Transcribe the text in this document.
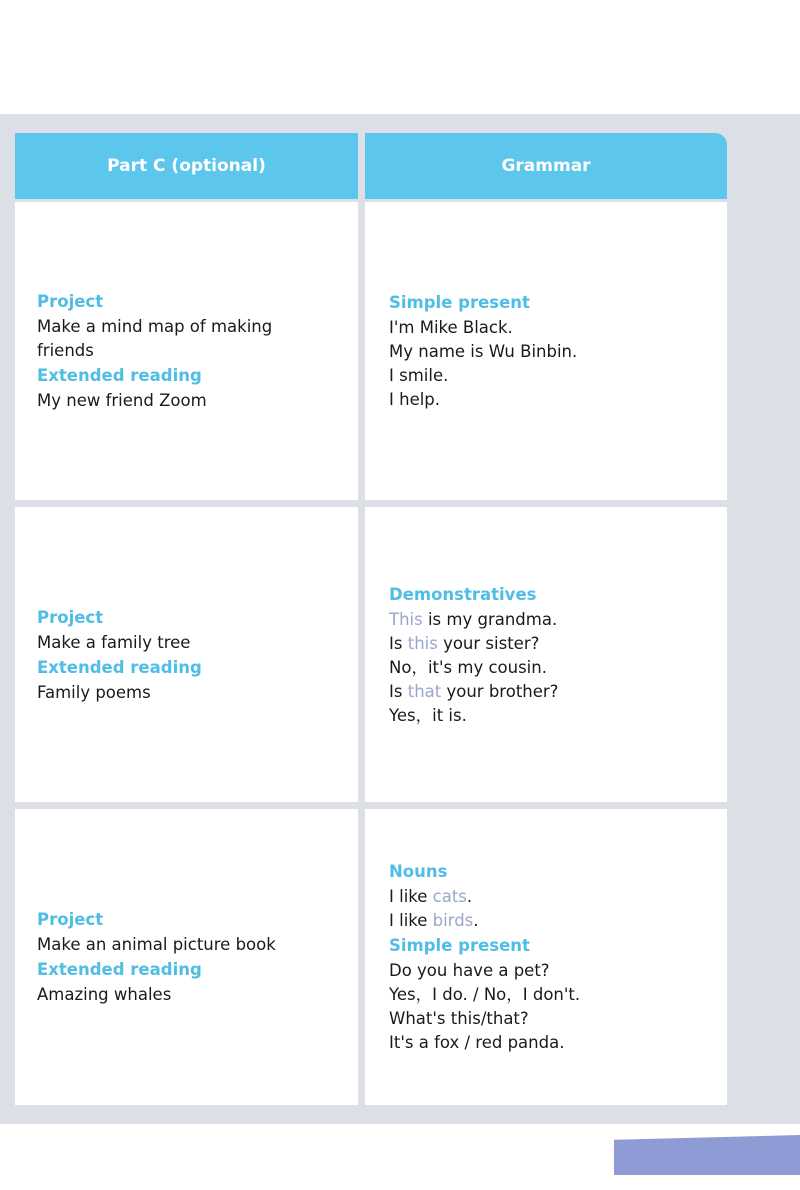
Part C (optional)	Grammar
Project
Make a mind map of making
friends
Extended reading
My new friend Zoom
Simple present
I'm Mike Black.
My name is Wu Binbin.
I smile.
I help.
Project
Make a family tree
Extended reading
Family poems
Demonstratives
This is my grandma.
Is this your sister?
No，it's my cousin.
Is that your brother?
Yes，it is.
Project
Make an animal picture book
Extended reading
Amazing whales
Nouns
I like cats.
I like birds.
Simple present
Do you have a pet?
Yes，I do. / No，I don't.
What's this/that?
It's a fox / red panda.
